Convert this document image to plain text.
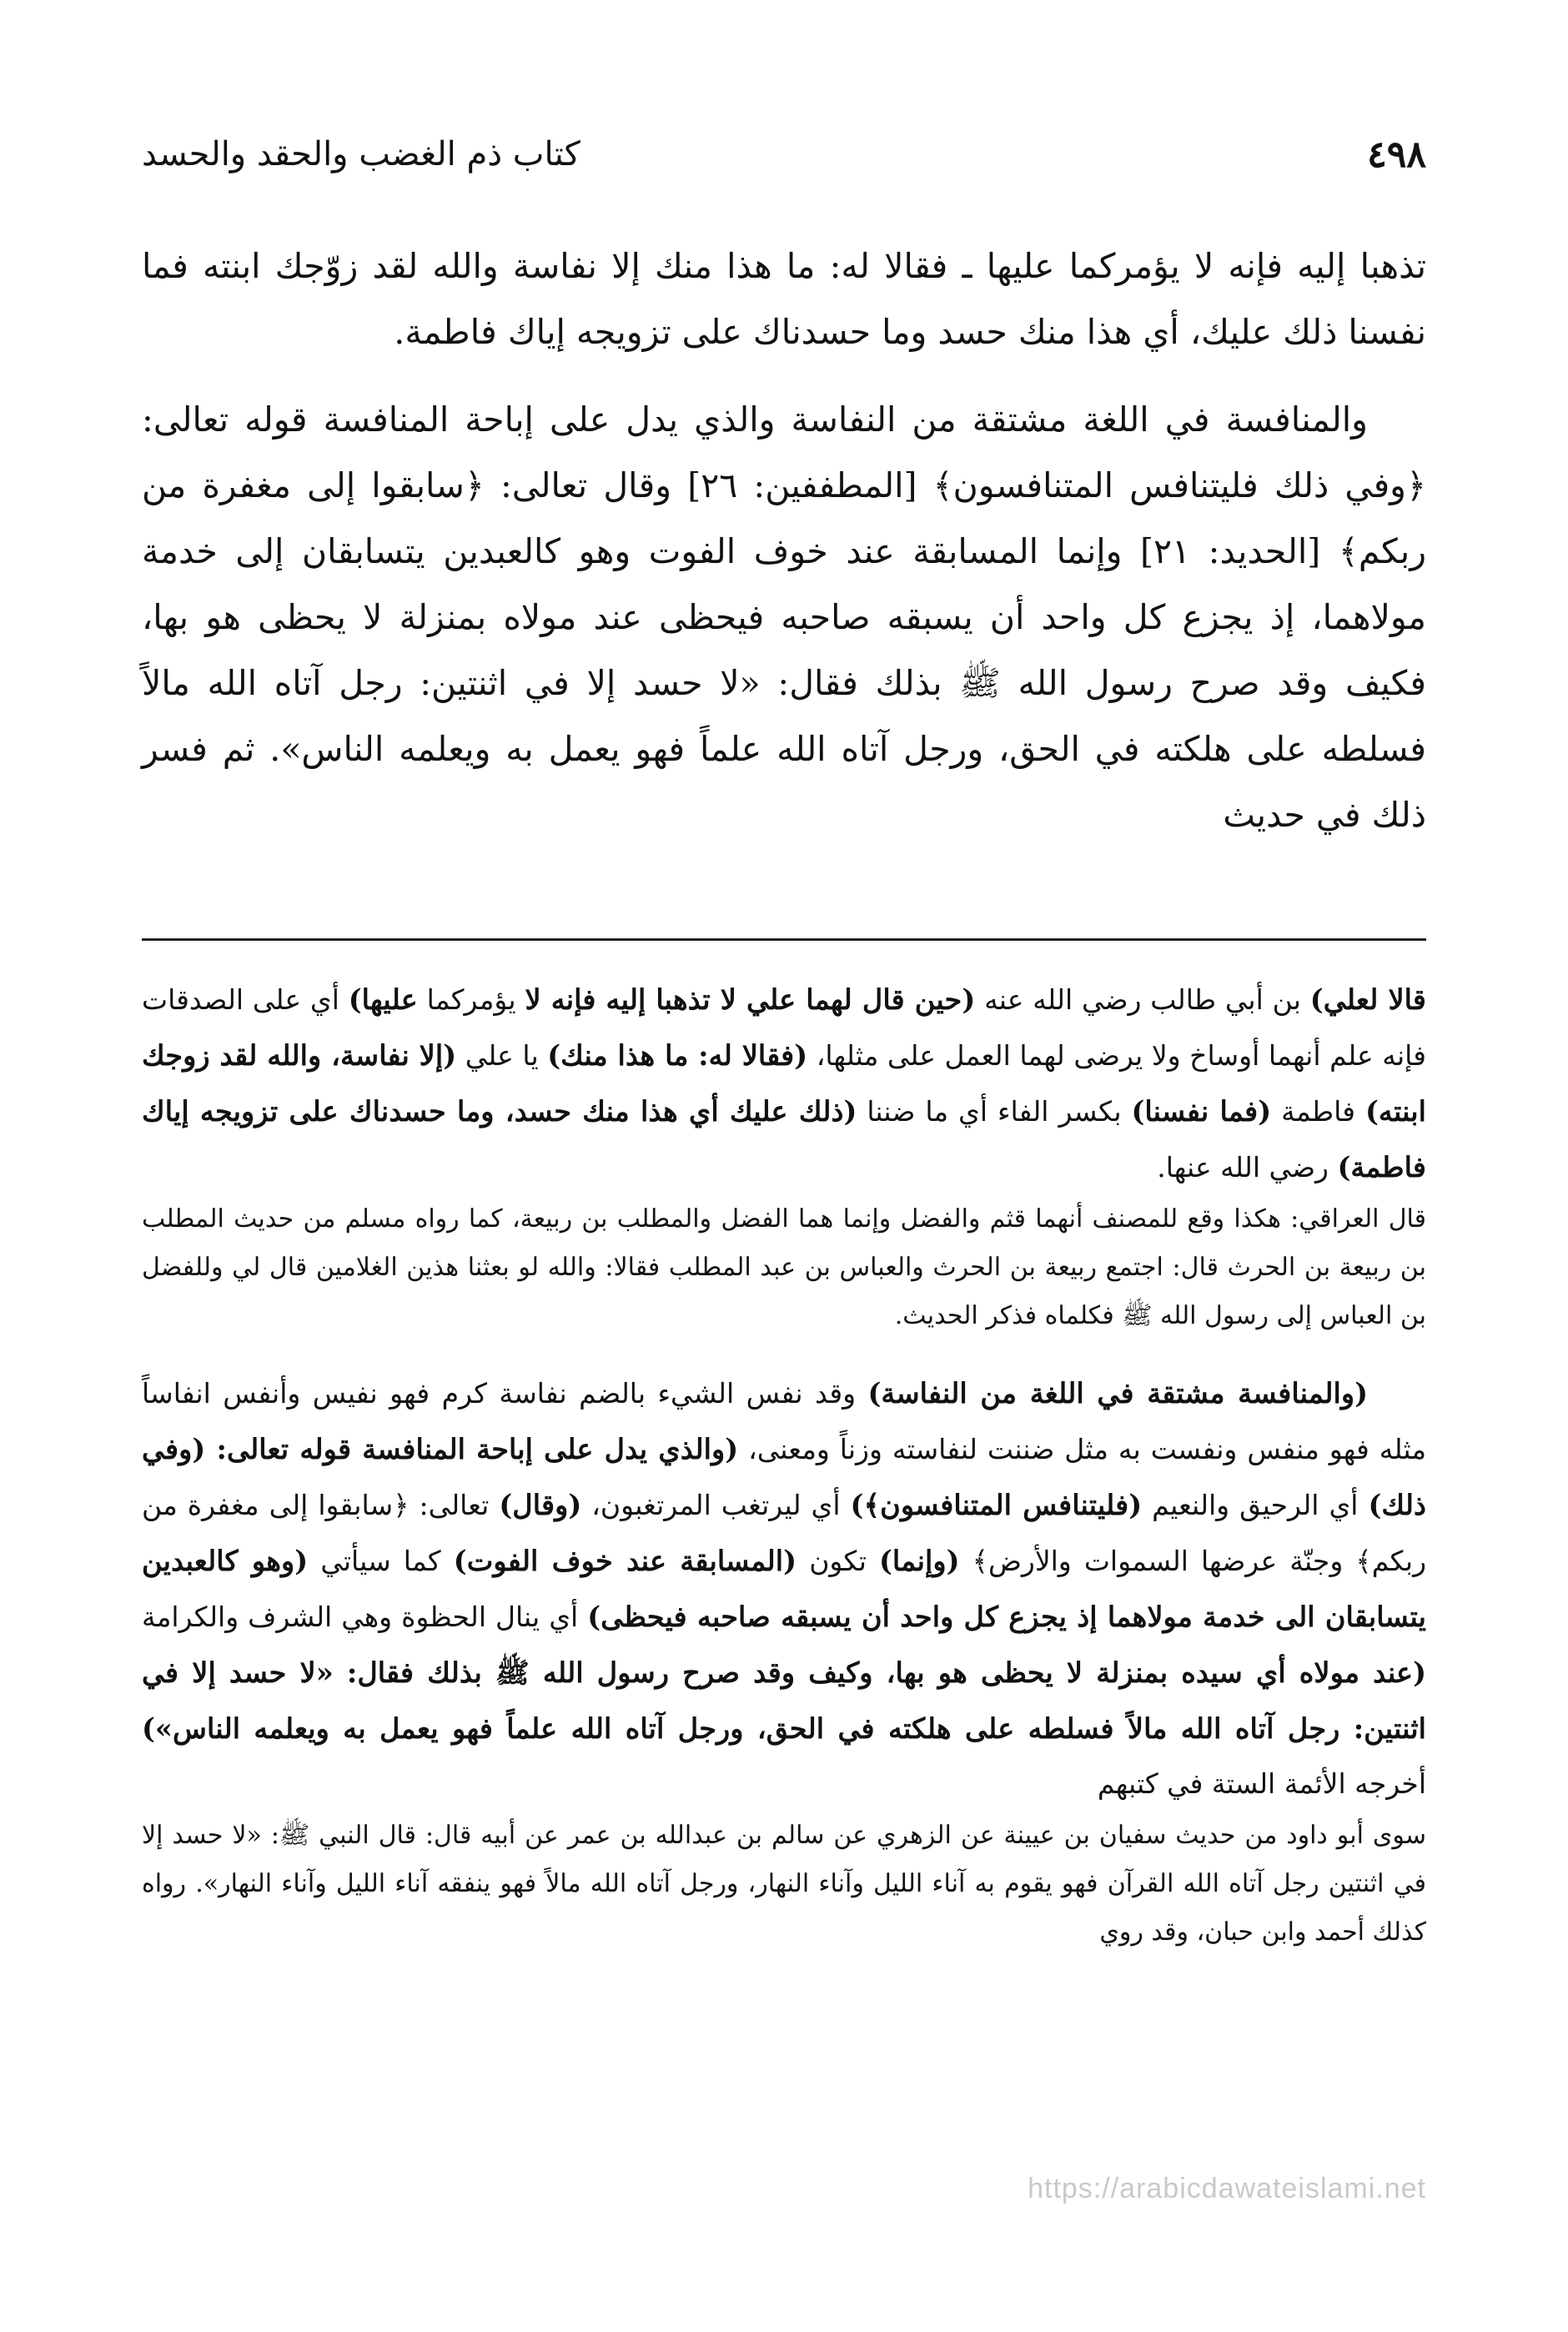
٤٩٨
كتاب ذم الغضب والحقد والحسد

تذهبا إليه فإنه لا يؤمركما عليها ـ فقالا له: ما هذا منك إلا نفاسة والله لقد زوّجك ابنته فما نفسنا ذلك عليك، أي هذا منك حسد وما حسدناك على تزويجه إياك فاطمة.

والمنافسة في اللغة مشتقة من النفاسة والذي يدل على إباحة المنافسة قوله تعالى: ﴿وفي ذلك فليتنافس المتنافسون﴾ [المطففين: ٢٦] وقال تعالى: ﴿سابقوا إلى مغفرة من ربكم﴾ [الحديد: ٢١] وإنما المسابقة عند خوف الفوت وهو كالعبدين يتسابقان إلى خدمة مولاهما، إذ يجزع كل واحد أن يسبقه صاحبه فيحظى عند مولاه بمنزلة لا يحظى هو بها، فكيف وقد صرح رسول الله ﷺ بذلك فقال: «لا حسد إلا في اثنتين: رجل آتاه الله مالاً فسلطه على هلكته في الحق، ورجل آتاه الله علماً فهو يعمل به ويعلمه الناس». ثم فسر ذلك في حديث

قالا لعلي) بن أبي طالب رضي الله عنه (حين قال لهما علي لا تذهبا إليه فإنه لا يؤمركما عليها) أي على الصدقات فإنه علم أنهما أوساخ ولا يرضى لهما العمل على مثلها، (فقالا له: ما هذا منك) يا علي (إلا نفاسة، والله لقد زوجك ابنته) فاطمة (فما نفسنا) بكسر الفاء أي ما ضننا (ذلك عليك أي هذا منك حسد، وما حسدناك على تزويجه إياك فاطمة) رضي الله عنها.

قال العراقي: هكذا وقع للمصنف أنهما قثم والفضل وإنما هما الفضل والمطلب بن ربيعة، كما رواه مسلم من حديث المطلب بن ربيعة بن الحرث قال: اجتمع ربيعة بن الحرث والعباس بن عبد المطلب فقالا: والله لو بعثنا هذين الغلامين قال لي وللفضل بن العباس إلى رسول الله ﷺ فكلماه فذكر الحديث.

(والمنافسة مشتقة في اللغة من النفاسة) وقد نفس الشيء بالضم نفاسة كرم فهو نفيس وأنفس انفاساً مثله فهو منفس ونفست به مثل ضننت لنفاسته وزناً ومعنى، (والذي يدل على إباحة المنافسة قوله تعالى: (وفي ذلك) أي الرحيق والنعيم (فليتنافس المتنافسون﴾) أي ليرتغب المرتغبون، (وقال) تعالى: ﴿سابقوا إلى مغفرة من ربكم﴾ وجنّة عرضها السموات والأرض﴾ (وإنما) تكون (المسابقة عند خوف الفوت) كما سيأتي (وهو كالعبدين يتسابقان الى خدمة مولاهما إذ يجزع كل واحد أن يسبقه صاحبه فيحظى) أي ينال الحظوة وهي الشرف والكرامة (عند مولاه أي سيده بمنزلة لا يحظى هو بها، وكيف وقد صرح رسول الله ﷺ بذلك فقال: «لا حسد إلا في اثنتين: رجل آتاه الله مالاً فسلطه على هلكته في الحق، ورجل آتاه الله علماً فهو يعمل به ويعلمه الناس») أخرجه الأئمة الستة في كتبهم

سوى أبو داود من حديث سفيان بن عيينة عن الزهري عن سالم بن عبدالله بن عمر عن أبيه قال: قال النبي ﷺ: «لا حسد إلا في اثنتين رجل آتاه الله القرآن فهو يقوم به آناء الليل وآناء النهار، ورجل آتاه الله مالاً فهو ينفقه آناء الليل وآناء النهار». رواه كذلك أحمد وابن حبان، وقد روي

https://arabicdawateislami.net
